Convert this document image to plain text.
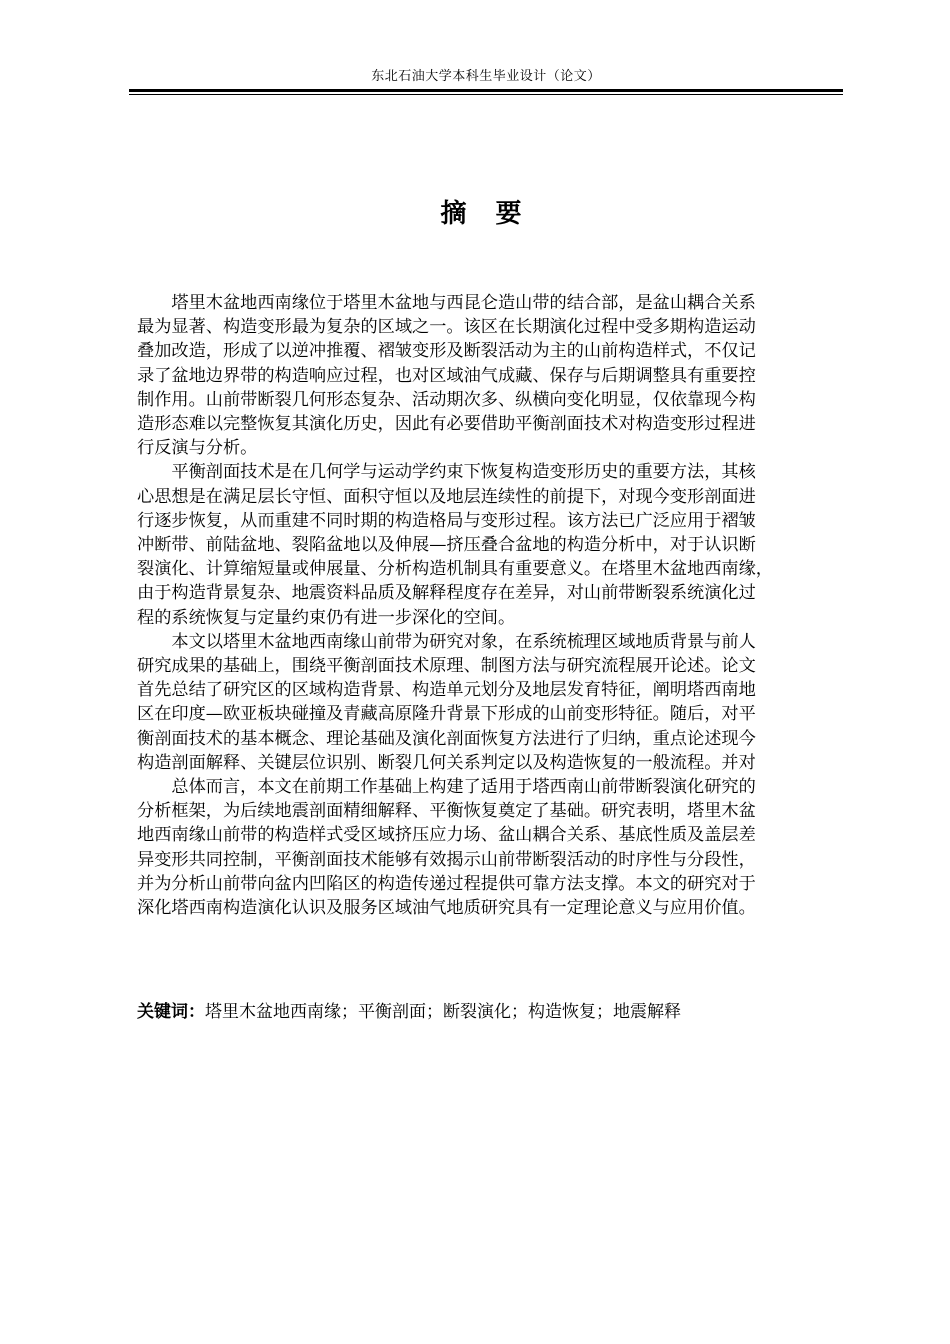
东北石油大学本科生毕业设计（论文）
摘 要

塔里木盆地西南缘位于塔里木盆地与西昆仑造山带的结合部，是盆山耦合关系
最为显著、构造变形最为复杂的区域之一。该区在长期演化过程中受多期构造运动
叠加改造，形成了以逆冲推覆、褶皱变形及断裂活动为主的山前构造样式，不仅记
录了盆地边界带的构造响应过程，也对区域油气成藏、保存与后期调整具有重要控
制作用。山前带断裂几何形态复杂、活动期次多、纵横向变化明显，仅依靠现今构
造形态难以完整恢复其演化历史，因此有必要借助平衡剖面技术对构造变形过程进
行反演与分析。

平衡剖面技术是在几何学与运动学约束下恢复构造变形历史的重要方法，其核
心思想是在满足层长守恒、面积守恒以及地层连续性的前提下，对现今变形剖面进
行逐步恢复，从而重建不同时期的构造格局与变形过程。该方法已广泛应用于褶皱
冲断带、前陆盆地、裂陷盆地以及伸展—挤压叠合盆地的构造分析中，对于认识断
裂演化、计算缩短量或伸展量、分析构造机制具有重要意义。在塔里木盆地西南缘，
由于构造背景复杂、地震资料品质及解释程度存在差异，对山前带断裂系统演化过
程的系统恢复与定量约束仍有进一步深化的空间。

本文以塔里木盆地西南缘山前带为研究对象，在系统梳理区域地质背景与前人
研究成果的基础上，围绕平衡剖面技术原理、制图方法与研究流程展开论述。论文
首先总结了研究区的区域构造背景、构造单元划分及地层发育特征，阐明塔西南地
区在印度—欧亚板块碰撞及青藏高原隆升背景下形成的山前变形特征。随后，对平
衡剖面技术的基本概念、理论基础及演化剖面恢复方法进行了归纳，重点论述现今
构造剖面解释、关键层位识别、断裂几何关系判定以及构造恢复的一般流程。并对

总体而言，本文在前期工作基础上构建了适用于塔西南山前带断裂演化研究的
分析框架，为后续地震剖面精细解释、平衡恢复奠定了基础。研究表明，塔里木盆
地西南缘山前带的构造样式受区域挤压应力场、盆山耦合关系、基底性质及盖层差
异变形共同控制，平衡剖面技术能够有效揭示山前带断裂活动的时序性与分段性，
并为分析山前带向盆内凹陷区的构造传递过程提供可靠方法支撑。本文的研究对于
深化塔西南构造演化认识及服务区域油气地质研究具有一定理论意义与应用价值。

关键词：塔里木盆地西南缘；平衡剖面；断裂演化；构造恢复；地震解释
